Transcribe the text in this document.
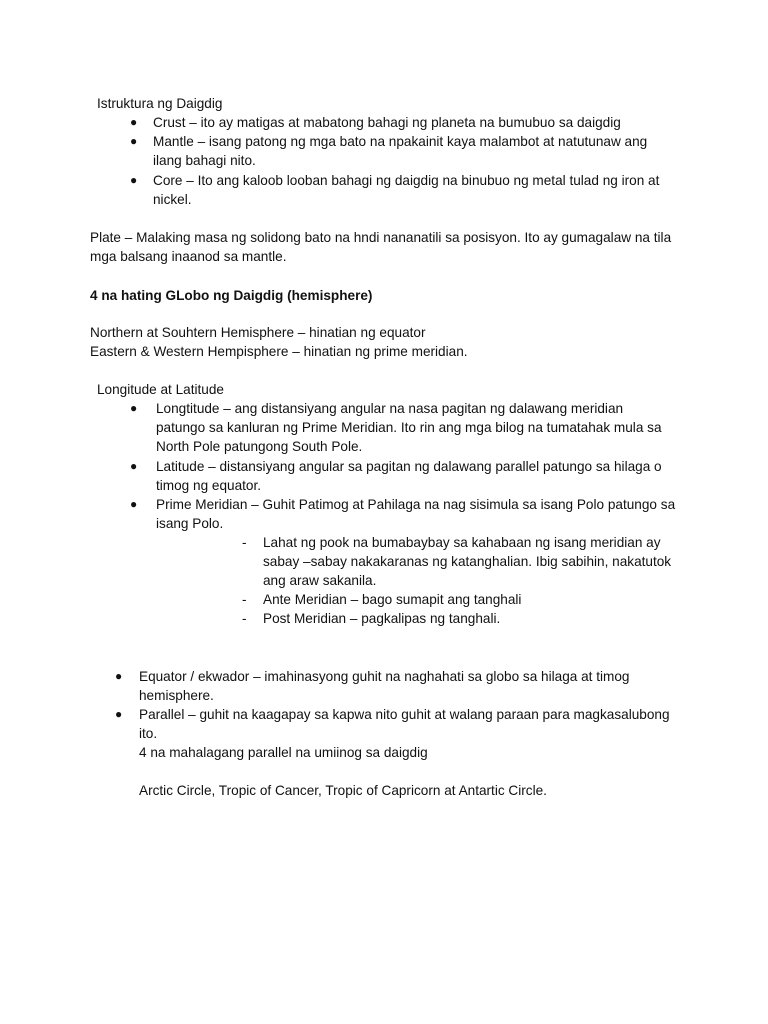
Istruktura ng Daigdig
● Crust – ito ay matigas at mabatong bahagi ng planeta na bumubuo sa daigdig
● Mantle – isang patong ng mga bato na npakainit kaya malambot at natutunaw ang
ilang bahagi nito.
● Core – Ito ang kaloob looban bahagi ng daigdig na binubuo ng metal tulad ng iron at
nickel.
Plate – Malaking masa ng solidong bato na hndi nananatili sa posisyon. Ito ay gumagalaw na tila
mga balsang inaanod sa mantle.
4 na hating GLobo ng Daigdig (hemisphere)
Northern at Souhtern Hemisphere – hinatian ng equator
Eastern & Western Hempisphere – hinatian ng prime meridian.
Longitude at Latitude
● Longtitude – ang distansiyang angular na nasa pagitan ng dalawang meridian
patungo sa kanluran ng Prime Meridian. Ito rin ang mga bilog na tumatahak mula sa
North Pole patungong South Pole.
● Latitude – distansiyang angular sa pagitan ng dalawang parallel patungo sa hilaga o
timog ng equator.
● Prime Meridian – Guhit Patimog at Pahilaga na nag sisimula sa isang Polo patungo sa
isang Polo.
- Lahat ng pook na bumabaybay sa kahabaan ng isang meridian ay
sabay –sabay nakakaranas ng katanghalian. Ibig sabihin, nakatutok
ang araw sakanila.
- Ante Meridian – bago sumapit ang tanghali
- Post Meridian – pagkalipas ng tanghali.
● Equator / ekwador – imahinasyong guhit na naghahati sa globo sa hilaga at timog
hemisphere.
● Parallel – guhit na kaagapay sa kapwa nito guhit at walang paraan para magkasalubong
ito.
4 na mahalagang parallel na umiinog sa daigdig
Arctic Circle, Tropic of Cancer, Tropic of Capricorn at Antartic Circle.
